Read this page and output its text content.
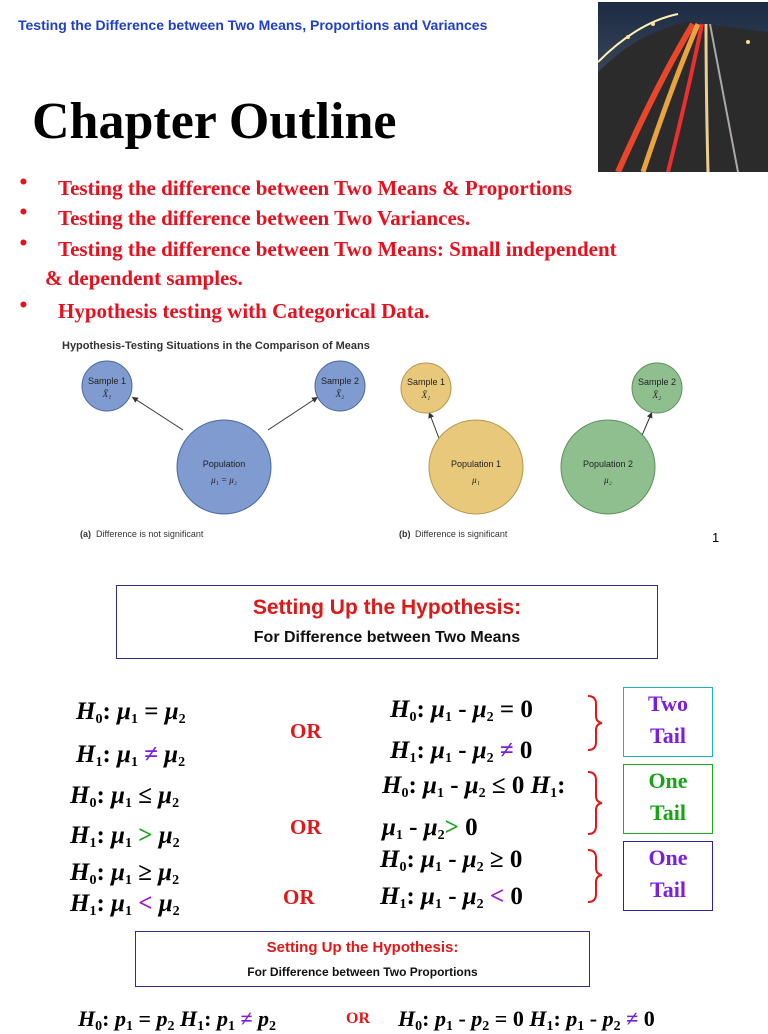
Testing the Difference between Two Means, Proportions and Variances
Chapter Outline
• Testing the difference between Two Means & Proportions
• Testing the difference between Two Variances.
• Testing the difference between Two Means: Small independent
& dependent samples.
• Hypothesis testing with Categorical Data.
Hypothesis-Testing Situations in the Comparison of Means
Sample 1
X̄₁
Sample 2
X̄₂
Population
μ₁ = μ₂
(a) Difference is not significant
Sample 1
X̄₁
Population 1
μ₁
Sample 2
X̄₂
Population 2
μ₂
(b) Difference is significant	1
Setting Up the Hypothesis:
For Difference between Two Means
$H_0$: $\mu_1 = \mu_2$
$H_1$: $\mu_1 \ne \mu_2$
$H_0$: $\mu_1 \le \mu_2$
$H_1$: $\mu_1 > \mu_2$
$H_0$: $\mu_1 \ge \mu_2$
$H_1$: $\mu_1 < \mu_2$
OR
OR
OR
$H_0$: $\mu_1 - \mu_2 = 0$
$H_1$: $\mu_1 - \mu_2 \ne 0$
$H_0$: $\mu_1 - \mu_2 \le 0$ $H_1$:
$\mu_1 - \mu_2> 0$
$H_0$: $\mu_1 - \mu_2 \ge 0$
$H_1$: $\mu_1 - \mu_2 < 0$
Two
Tail
One
Tail
One
Tail
Setting Up the Hypothesis:
For Difference between Two Proportions
$H_0$: $p_1 = p_2$ $H_1$: $p_1 \ne p_2$	OR $H_0$: $p_1 - p_2 = 0$ $H_1$: $p_1 - p_2 \ne 0$
